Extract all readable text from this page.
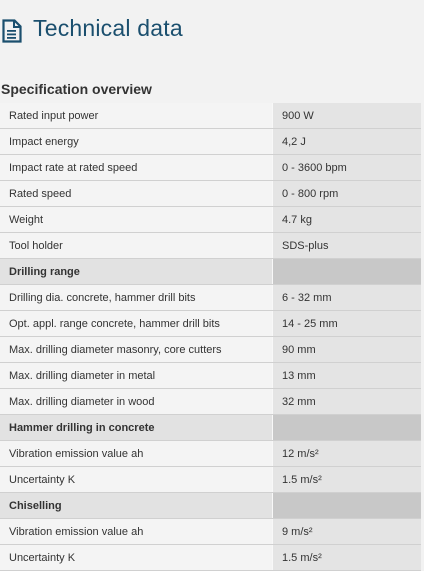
Technical data
Specification overview
Rated input power	900 W
Impact energy	4,2 J
Impact rate at rated speed	0 - 3600 bpm
Rated speed	0 - 800 rpm
Weight	4.7 kg
Tool holder	SDS-plus
Drilling range	
Drilling dia. concrete, hammer drill bits	6 - 32 mm
Opt. appl. range concrete, hammer drill bits	14 - 25 mm
Max. drilling diameter masonry, core cutters	90 mm
Max. drilling diameter in metal	13 mm
Max. drilling diameter in wood	32 mm
Hammer drilling in concrete	
Vibration emission value ah	12 m/s²
Uncertainty K	1.5 m/s²
Chiselling	
Vibration emission value ah	9 m/s²
Uncertainty K	1.5 m/s²
